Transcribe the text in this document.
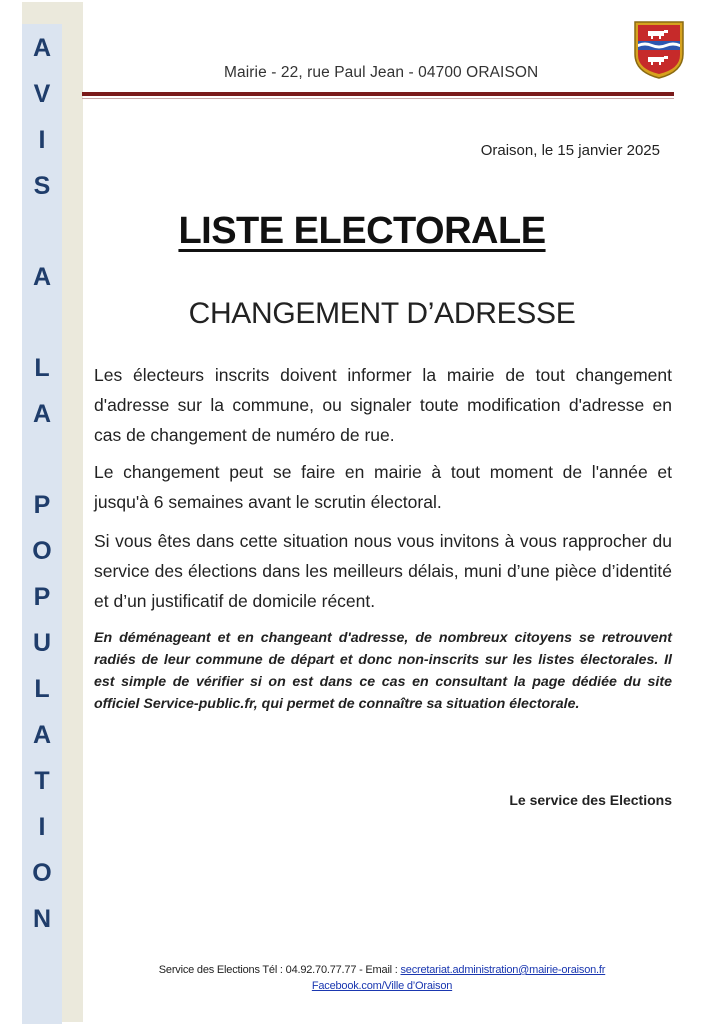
A
V
I
S
A
L
A
P
O
P
U
L
A
T
I
O
N
Mairie - 22, rue Paul Jean - 04700 ORAISON
Oraison, le 15 janvier 2025
LISTE ELECTORALE
CHANGEMENT D’ADRESSE
Les électeurs inscrits doivent informer la mairie de tout changement d'adresse sur la commune, ou signaler toute modification d'adresse en cas de changement de numéro de rue.
Le changement peut se faire en mairie à tout moment de l'année et jusqu'à 6 semaines avant le scrutin électoral.
Si vous êtes dans cette situation nous vous invitons à vous rapprocher du service des élections dans les meilleurs délais, muni d’une pièce d’identité et d’un justificatif de domicile récent.
En déménageant et en changeant d'adresse, de nombreux citoyens se retrouvent radiés de leur commune de départ et donc non-inscrits sur les listes électorales. Il est simple de vérifier si on est dans ce cas en consultant la page dédiée du site officiel Service-public.fr, qui permet de connaître sa situation électorale.
Le service des Elections
Service des Elections Tél : 04.92.70.77.77 - Email : secretariat.administration@mairie-oraison.fr
Facebook.com/Ville d’Oraison
